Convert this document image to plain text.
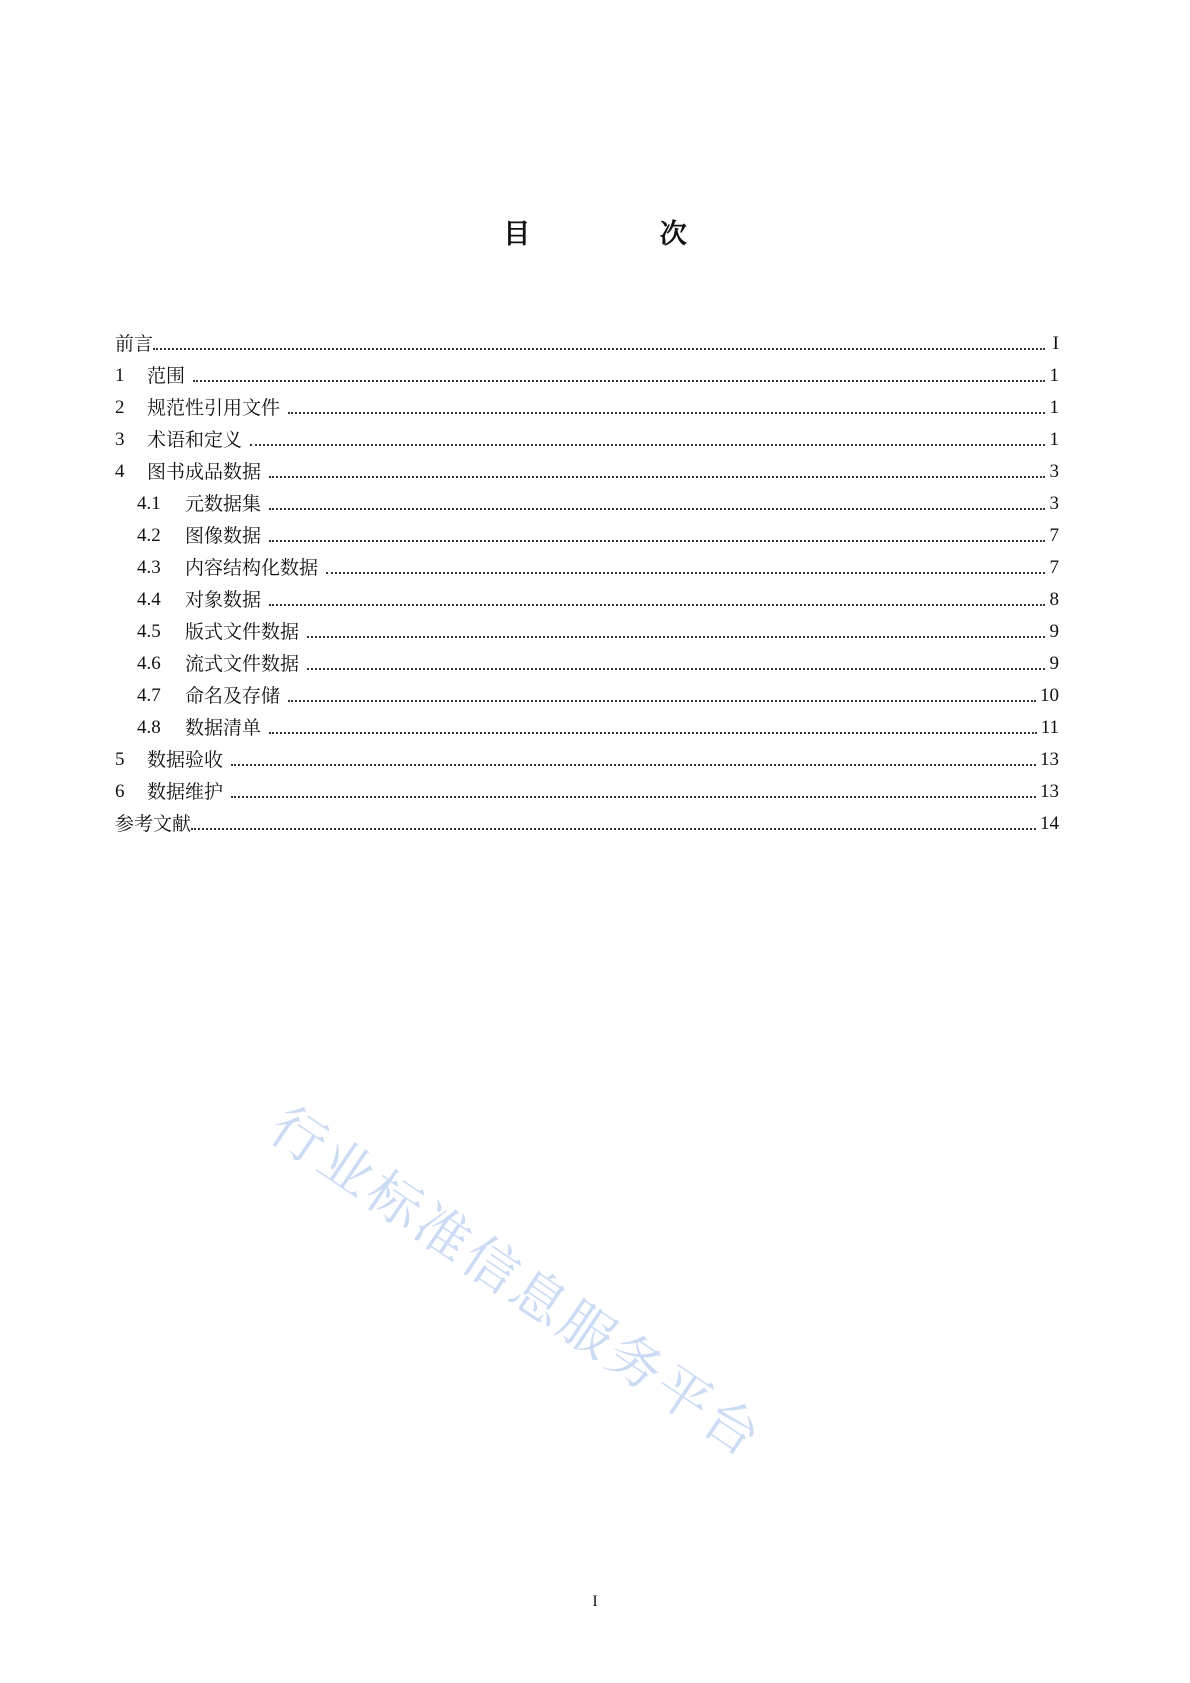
目 次
前言	I
1	范围	1
2	规范性引用文件	1
3	术语和定义	1
4	图书成品数据	3
4.1	元数据集	3
4.2	图像数据	7
4.3	内容结构化数据	7
4.4	对象数据	8
4.5	版式文件数据	9
4.6	流式文件数据	9
4.7	命名及存储	10
4.8	数据清单	11
5	数据验收	13
6	数据维护	13
参考文献	14
行业标准信息服务平台
I
